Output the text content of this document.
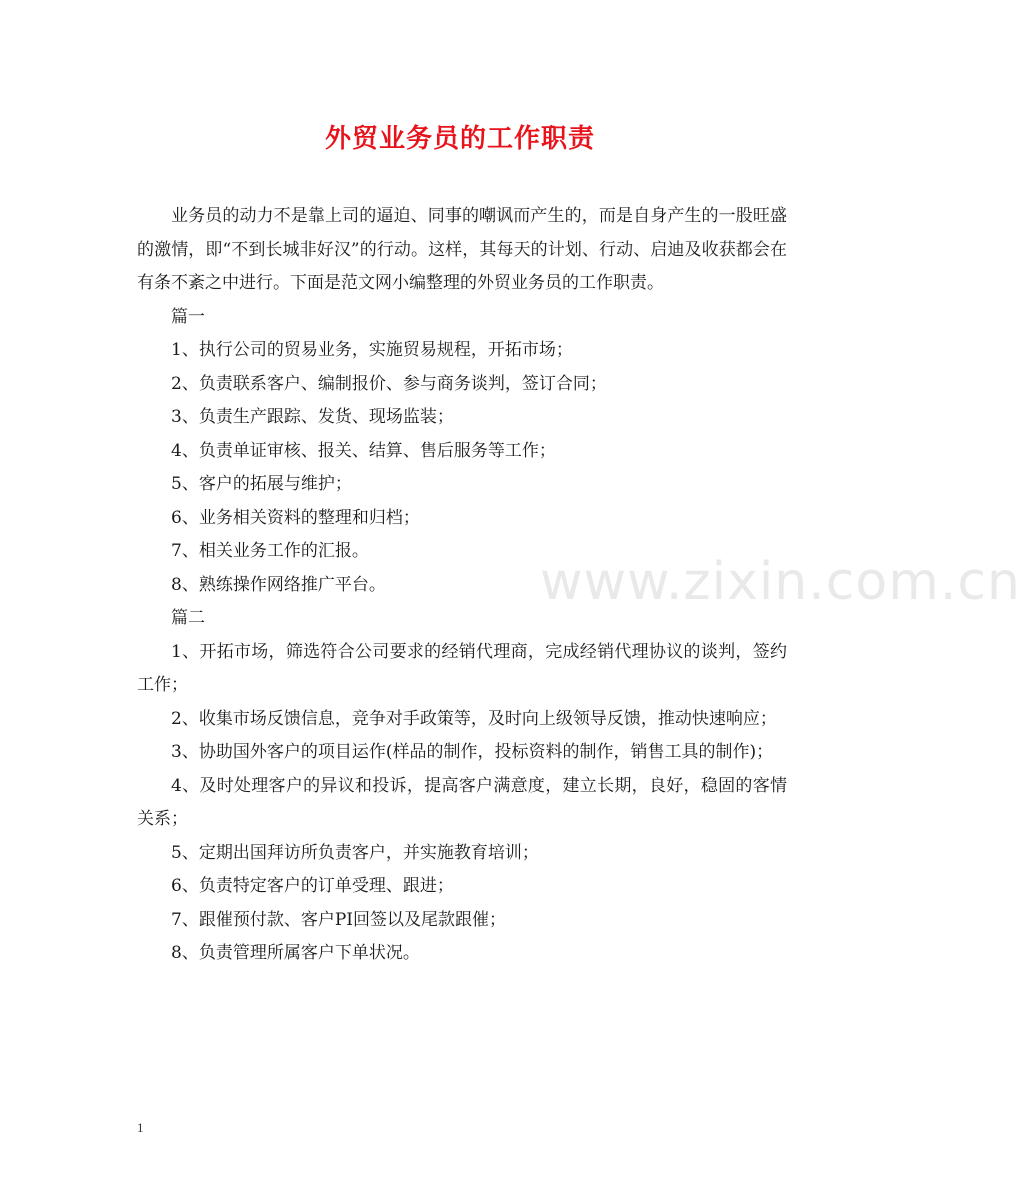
外贸业务员的工作职责
www.zixin.com.cn

业务员的动力不是靠上司的逼迫、同事的嘲讽而产生的，而是自身产生的一股旺盛的激情，即“不到长城非好汉”的行动。这样，其每天的计划、行动、启迪及收获都会在有条不紊之中进行。下面是范文网小编整理的外贸业务员的工作职责。

篇一

1、执行公司的贸易业务，实施贸易规程，开拓市场；

2、负责联系客户、编制报价、参与商务谈判，签订合同；

3、负责生产跟踪、发货、现场监装；

4、负责单证审核、报关、结算、售后服务等工作；

5、客户的拓展与维护；

6、业务相关资料的整理和归档；

7、相关业务工作的汇报。

8、熟练操作网络推广平台。

篇二

1、开拓市场，筛选符合公司要求的经销代理商，完成经销代理协议的谈判，签约工作；

2、收集市场反馈信息，竞争对手政策等，及时向上级领导反馈，推动快速响应；

3、协助国外客户的项目运作(样品的制作，投标资料的制作，销售工具的制作)；

4、及时处理客户的异议和投诉，提高客户满意度，建立长期，良好，稳固的客情关系；

5、定期出国拜访所负责客户，并实施教育培训；

6、负责特定客户的订单受理、跟进；

7、跟催预付款、客户PI回签以及尾款跟催；

8、负责管理所属客户下单状况。

1
